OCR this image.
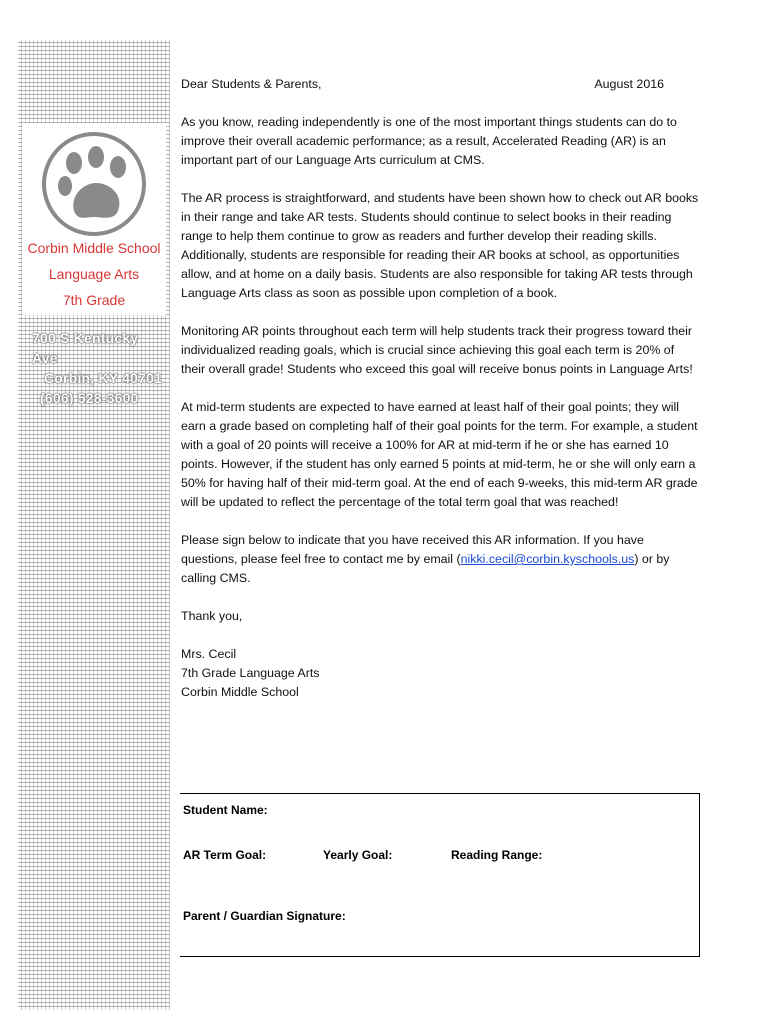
Corbin Middle School
Language Arts
7th Grade
700 S Kentucky Ave
Corbin, KY 40701
(606) 528-3600
Dear Students & Parents,	August 2016

As you know, reading independently is one of the most important things students can do to improve their overall academic performance; as a result, Accelerated Reading (AR) is an important part of our Language Arts curriculum at CMS.

The AR process is straightforward, and students have been shown how to check out AR books in their range and take AR tests. Students should continue to select books in their reading range to help them continue to grow as readers and further develop their reading skills. Additionally, students are responsible for reading their AR books at school, as opportunities allow, and at home on a daily basis. Students are also responsible for taking AR tests through Language Arts class as soon as possible upon completion of a book.

Monitoring AR points throughout each term will help students track their progress toward their individualized reading goals, which is crucial since achieving this goal each term is 20% of their overall grade! Students who exceed this goal will receive bonus points in Language Arts!

At mid-term students are expected to have earned at least half of their goal points; they will earn a grade based on completing half of their goal points for the term. For example, a student with a goal of 20 points will receive a 100% for AR at mid-term if he or she has earned 10 points. However, if the student has only earned 5 points at mid-term, he or she will only earn a 50% for having half of their mid-term goal. At the end of each 9-weeks, this mid-term AR grade will be updated to reflect the percentage of the total term goal that was reached!

Please sign below to indicate that you have received this AR information. If you have questions, please feel free to contact me by email (nikki.cecil@corbin.kyschools.us) or by calling CMS.

Thank you,

Mrs. Cecil
7th Grade Language Arts
Corbin Middle School
Student Name:
AR Term Goal:	Yearly Goal:	Reading Range:
Parent / Guardian Signature:
